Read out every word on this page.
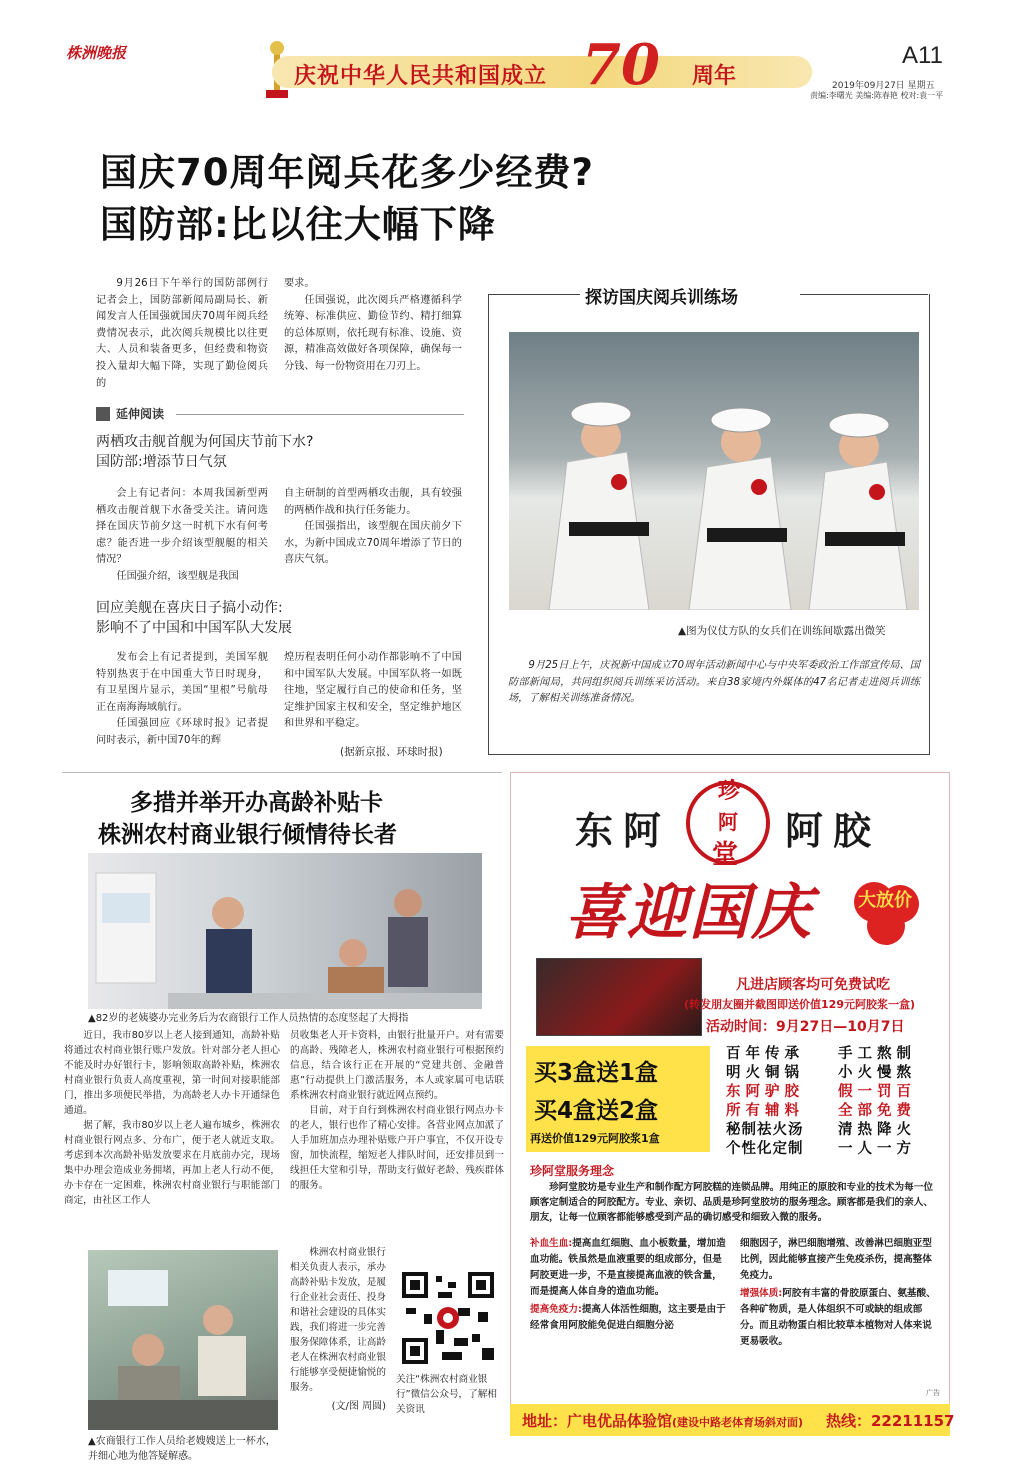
株洲晚报
庆祝中华人民共和国成立 70 周年
A11
2019年09月27日 星期五
责编:李曙光 美编:陈春艳 校对:袁一平
国庆70周年阅兵花多少经费?
国防部:比以往大幅下降

9月26日下午举行的国防部例行记者会上，国防部新闻局副局长、新闻发言人任国强就国庆70周年阅兵经费情况表示，此次阅兵规模比以往更大、人员和装备更多，但经费和物资投入量却大幅下降，实现了勤俭阅兵的

要求。

任国强说，此次阅兵严格遵循科学统筹、标准供应、勤俭节约、精打细算的总体原则，依托现有标准、设施、资源，精准高效做好各项保障，确保每一分钱、每一份物资用在刀刃上。

延伸阅读
两栖攻击舰首舰为何国庆节前下水?
国防部:增添节日气氛

会上有记者问：本周我国新型两栖攻击舰首舰下水备受关注。请问选择在国庆节前夕这一时机下水有何考虑？能否进一步介绍该型舰艇的相关情况？

任国强介绍，该型舰是我国

自主研制的首型两栖攻击舰，具有较强的两栖作战和执行任务能力。

任国强指出，该型舰在国庆前夕下水，为新中国成立70周年增添了节日的喜庆气氛。

回应美舰在喜庆日子搞小动作:
影响不了中国和中国军队大发展

发布会上有记者提到，美国军舰特别热衷于在中国重大节日时现身，有卫星图片显示，美国“里根”号航母正在南海海域航行。

任国强回应《环球时报》记者提问时表示，新中国70年的辉

煌历程表明任何小动作都影响不了中国和中国军队大发展。中国军队将一如既往地，坚定履行自己的使命和任务，坚定维护国家主权和安全，坚定维护地区和世界和平稳定。

(据新京报、环球时报)
探访国庆阅兵训练场
▲图为仪仗方队的女兵们在训练间歇露出微笑

9月25日上午，庆祝新中国成立70周年活动新闻中心与中央军委政治工作部宣传局、国防部新闻局，共同组织阅兵训练采访活动。来自38家境内外媒体的47名记者走进阅兵训练场，了解相关训练准备情况。

多措并举开办高龄补贴卡
株洲农村商业银行倾情待长者
▲82岁的老姨婆办完业务后为农商银行工作人员热情的态度竖起了大拇指

近日，我市80岁以上老人接到通知，高龄补贴将通过农村商业银行账户发放。针对部分老人担心不能及时办好银行卡，影响领取高龄补贴，株洲农村商业银行负责人高度重视，第一时间对接职能部门，推出多项便民举措，为高龄老人办卡开通绿色通道。

据了解，我市80岁以上老人遍布城乡，株洲农村商业银行网点多、分布广，便于老人就近支取。考虑到本次高龄补贴发放要求在月底前办完，现场集中办理会造成业务拥堵，再加上老人行动不便，办卡存在一定困难，株洲农村商业银行与职能部门商定，由社区工作人

员收集老人开卡资料，由银行批量开户。对有需要的高龄、残障老人，株洲农村商业银行可根据预约信息，结合该行正在开展的“党建共创、金融普惠”行动提供上门激活服务，本人或家属可电话联系株洲农村商业银行就近网点预约。

目前，对于自行到株洲农村商业银行网点办卡的老人，银行也作了精心安排。各营业网点加派了人手加班加点办理补贴账户开户事宜，不仅开设专窗，加快流程，缩短老人排队时间，还安排员到一线担任大堂和引导，帮助支行做好老龄、残疾群体的服务。

株洲农村商业银行相关负责人表示，承办高龄补贴卡发放，是履行企业社会责任、投身和谐社会建设的具体实践，我们将进一步完善服务保障体系，让高龄老人在株洲农村商业银行能够享受便捷愉悦的服务。

(文/图 周圆)
关注“株洲农村商业银行”微信公众号，了解相关资讯
▲农商银行工作人员给老嫂嫂送上一杯水，并细心地为他答疑解惑。
东阿
珍
阿
堂
阿胶
喜迎国庆	大放价
凡进店顾客均可免费试吃
(转发朋友圈并截图即送价值129元阿胶浆一盒)
活动时间：9月27日—10月7日
买3盒送1盒
买4盒送2盒
再送价值129元阿胶浆1盒
百年传承	手工熬制
明火铜锅	小火慢熬
东阿驴胶	假一罚百
所有辅料	全部免费
秘制祛火汤	清热降火
个性化定制	一人一方
珍阿堂服务理念

珍阿堂胶坊是专业生产和制作配方阿胶糕的连锁品牌。用纯正的原胶和专业的技术为每一位顾客定制适合的阿胶配方。专业、亲切、品质是珍阿堂胶坊的服务理念。顾客都是我们的亲人、朋友，让每一位顾客都能够感受到产品的确切感受和细致入微的服务。

补血生血:提高血红细胞、血小板数量，增加造血功能。铁虽然是血液重要的组成部分，但是阿胶更进一步，不是直接提高血液的铁含量，而是提高人体自身的造血功能。
提高免疫力:提高人体活性细胞，这主要是由于经常食用阿胶能免促进白细胞分泌
细胞因子，淋巴细胞增殖、改善淋巴细胞亚型比例，因此能够直接产生免疫杀伤，提高整体免疫力。
增强体质:阿胶有丰富的骨胶原蛋白、氨基酸、各种矿物质，是人体组织不可或缺的组成部分。而且动物蛋白相比较草本植物对人体来说更易吸收。
广告
地址：广电优品体验馆(建设中路老体育场斜对面) 热线：22211157
